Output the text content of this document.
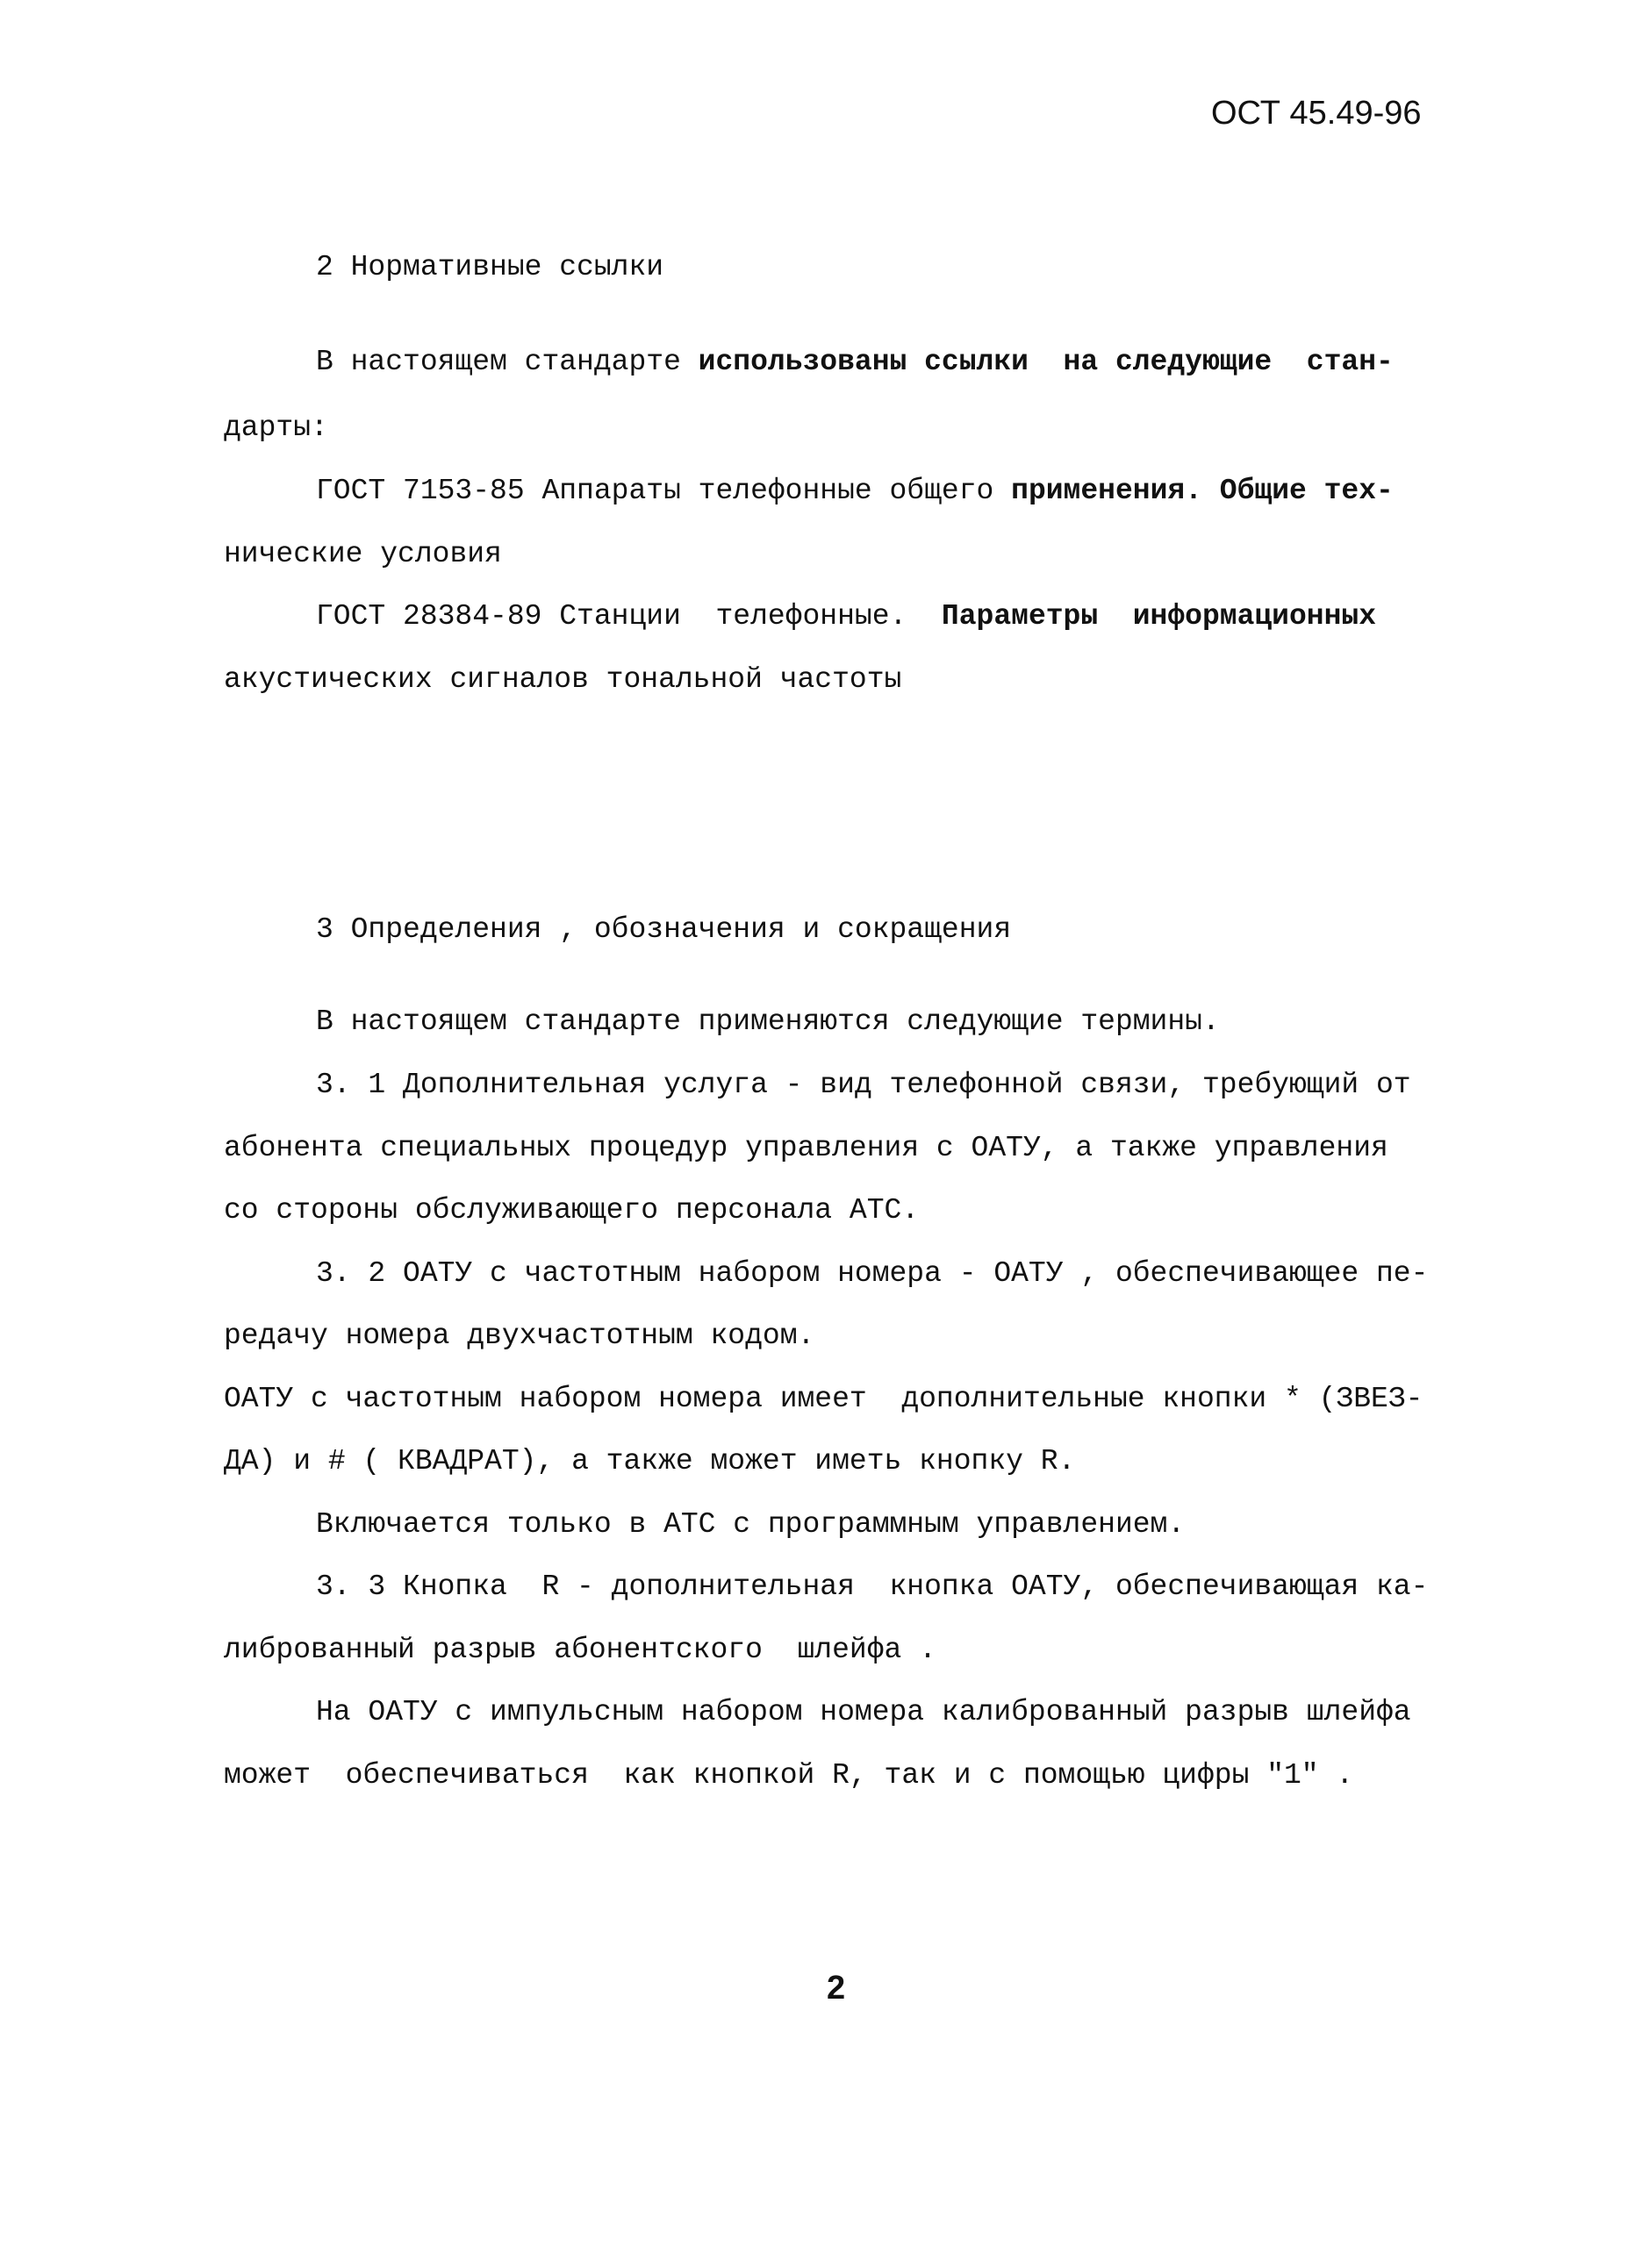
ОСТ 45.49-96
2 Нормативные ссылки
В настоящем стандарте использованы ссылки  на следующие  стан-
дарты:
ГОСТ 7153-85 Аппараты телефонные общего применения. Общие тех-
нические условия
ГОСТ 28384-89 Станции  телефонные.  Параметры  информационных
акустических сигналов тональной частоты
3 Определения , обозначения и сокращения
В настоящем стандарте применяются следующие термины.
3. 1 Дополнительная услуга - вид телефонной связи, требующий от
абонента специальных процедур управления с ОАТУ, а также управления
со стороны обслуживающего персонала АТС.
3. 2 ОАТУ с частотным набором номера - ОАТУ , обеспечивающее пе-
редачу номера двухчастотным кодом.
ОАТУ с частотным набором номера имеет  дополнительные кнопки * (ЗВЕЗ-
ДА) и # ( КВАДРАТ), а также может иметь кнопку R.
Включается только в АТС с программным управлением.
3. 3 Кнопка  R - дополнительная  кнопка ОАТУ, обеспечивающая ка-
либрованный разрыв абонентского  шлейфа .
На ОАТУ с импульсным набором номера калиброванный разрыв шлейфа
может  обеспечиваться  как кнопкой R, так и с помощью цифры "1" .
2
